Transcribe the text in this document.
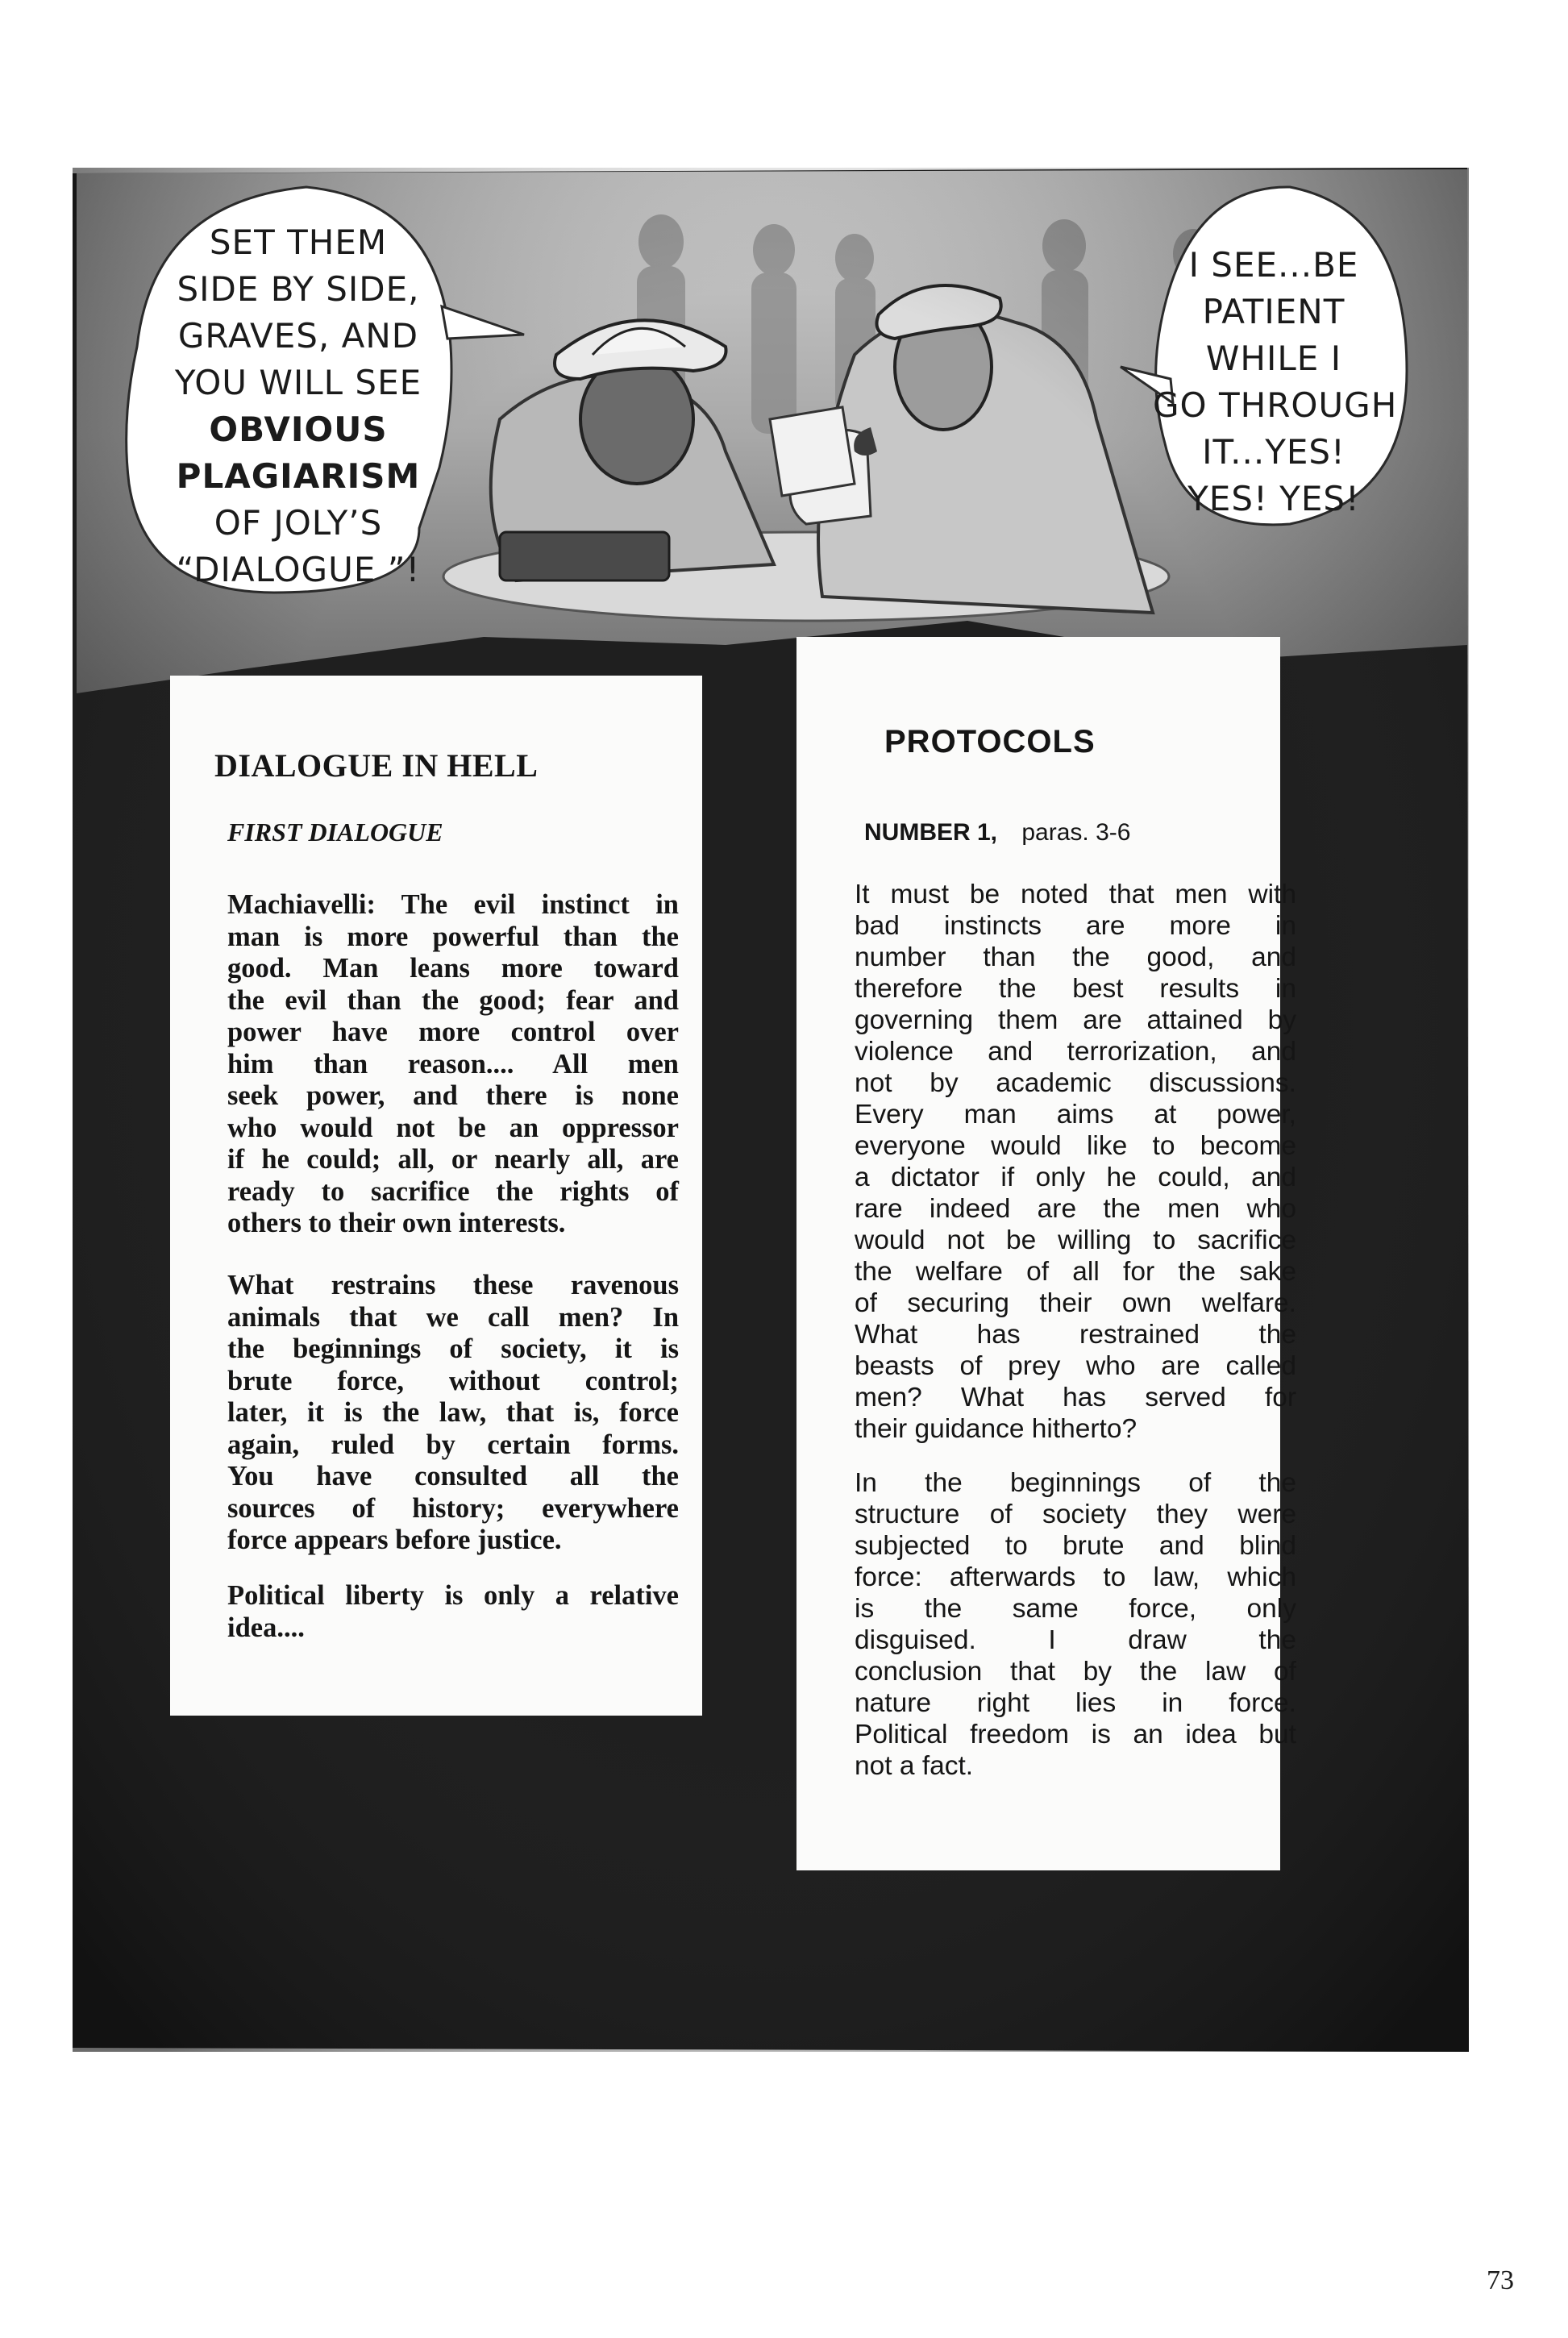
SET THEM
SIDE BY SIDE,
GRAVES, AND
YOU WILL SEE
OBVIOUS
PLAGIARISM
OF JOLY’S
“DIALOGUE ”!
I SEE...BE
PATIENT
WHILE I
GO THROUGH
IT...YES!
YES! YES!
DIALOGUE IN HELL
FIRST DIALOGUE
Machiavelli: The evil instinct in
man is more powerful than the
good. Man leans more toward
the evil than the good; fear and
power have more control over
him than reason.... All men
seek power, and there is none
who would not be an oppressor
if he could; all, or nearly all, are
ready to sacrifice the rights of
others to their own interests.
What restrains these ravenous
animals that we call men? In
the beginnings of society, it is
brute force, without control;
later, it is the law, that is, force
again, ruled by certain forms.
You have consulted all the
sources of history; everywhere
force appears before justice.
Political liberty is only a relative
idea....
PROTOCOLS
NUMBER 1, paras. 3-6
It must be noted that men with
bad instincts are more in
number than the good, and
therefore the best results in
governing them are attained by
violence and terrorization, and
not by academic discussions.
Every man aims at power,
everyone would like to become
a dictator if only he could, and
rare indeed are the men who
would not be willing to sacrifice
the welfare of all for the sake
of securing their own welfare.
What has restrained the
beasts of prey who are called
men? What has served for
their guidance hitherto?
In the beginnings of the
structure of society they were
subjected to brute and blind
force: afterwards to law, which
is the same force, only
disguised. I draw the
conclusion that by the law of
nature right lies in force.
Political freedom is an idea but
not a fact.
73
